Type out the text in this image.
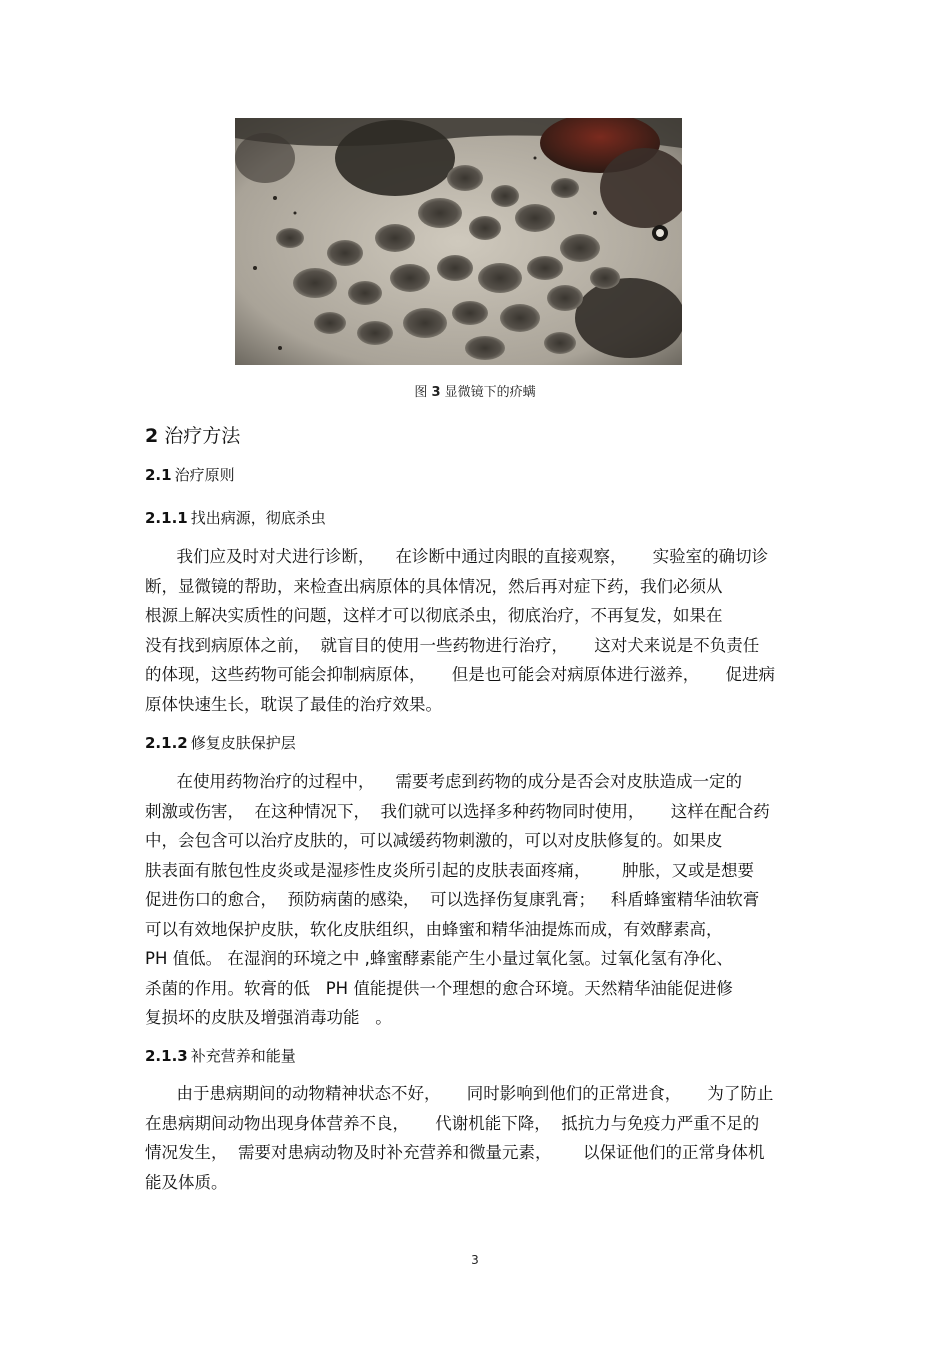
图 3 显微镜下的疥螨
2 治疗方法
2.1 治疗原则
2.1.1 找出病源，彻底杀虫
我们应及时对犬进行诊断，    在诊断中通过肉眼的直接观察，     实验室的确切诊
断，显微镜的帮助，来检查出病原体的具体情况，然后再对症下药，我们必须从
根源上解决实质性的问题，这样才可以彻底杀虫，彻底治疗，不再复发，如果在
没有找到病原体之前，  就盲目的使用一些药物进行治疗，     这对犬来说是不负责任
的体现，这些药物可能会抑制病原体，     但是也可能会对病原体进行滋养，     促进病
原体快速生长，耽误了最佳的治疗效果。
2.1.2 修复皮肤保护层
在使用药物治疗的过程中，    需要考虑到药物的成分是否会对皮肤造成一定的
刺激或伤害，  在这种情况下，  我们就可以选择多种药物同时使用，     这样在配合药
中，会包含可以治疗皮肤的，可以减缓药物刺激的，可以对皮肤修复的。如果皮
肤表面有脓包性皮炎或是湿疹性皮炎所引起的皮肤表面疼痛，      肿胀，又或是想要
促进伤口的愈合，  预防病菌的感染，  可以选择伤复康乳膏；   科盾蜂蜜精华油软膏
可以有效地保护皮肤，软化皮肤组织，由蜂蜜和精华油提炼而成，有效酵素高，
PH 值低。 在湿润的环境之中 ,蜂蜜酵素能产生小量过氧化氢。过氧化氢有净化、
杀菌的作用。软膏的低   PH 值能提供一个理想的愈合环境。天然精华油能促进修
复损坏的皮肤及增强消毒功能   。
2.1.3 补充营养和能量
由于患病期间的动物精神状态不好，     同时影响到他们的正常进食，     为了防止
在患病期间动物出现身体营养不良，     代谢机能下降，  抵抗力与免疫力严重不足的
情况发生，  需要对患病动物及时补充营养和微量元素，      以保证他们的正常身体机
能及体质。
3
